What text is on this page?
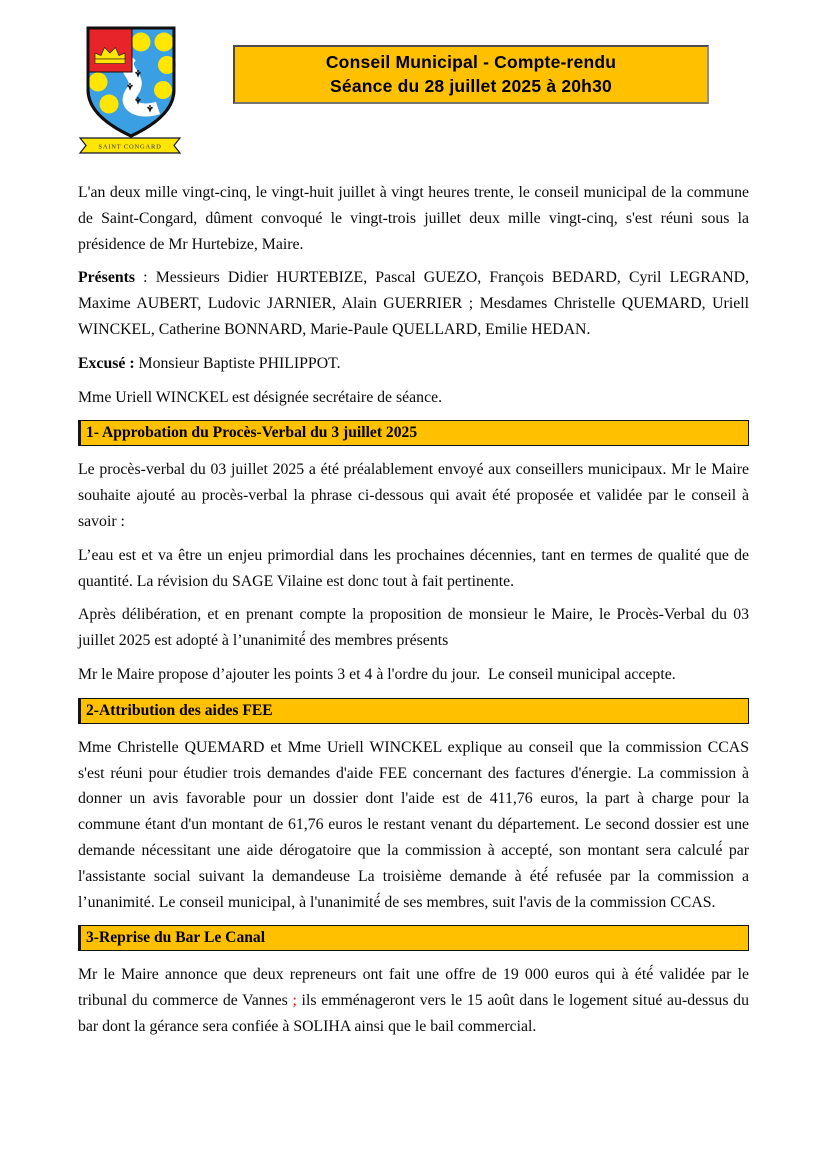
SAINT CONGARD
Conseil Municipal - Compte-rendu
Séance du 28 juillet 2025 à 20h30

L'an deux mille vingt-cinq, le vingt-huit juillet à vingt heures trente, le conseil municipal de la commune de Saint-Congard, dûment convoqué le vingt-trois juillet deux mille vingt-cinq, s'est réuni sous la présidence de Mr Hurtebize, Maire.

Présents : Messieurs Didier HURTEBIZE, Pascal GUEZO, François BEDARD, Cyril LEGRAND, Maxime AUBERT, Ludovic JARNIER, Alain GUERRIER ; Mesdames Christelle QUEMARD, Uriell WINCKEL, Catherine BONNARD, Marie-Paule QUELLARD, Emilie HEDAN.

Excusé : Monsieur Baptiste PHILIPPOT.

Mme Uriell WINCKEL est désignée secrétaire de séance.

1- Approbation du Procès-Verbal du 3 juillet 2025

Le procès-verbal du 03 juillet 2025 a été préalablement envoyé aux conseillers municipaux. Mr le Maire souhaite ajouté au procès-verbal la phrase ci-dessous qui avait été proposée et validée par le conseil à savoir :

L’eau est et va être un enjeu primordial dans les prochaines décennies, tant en termes de qualité que de quantité. La révision du SAGE Vilaine est donc tout à fait pertinente.

Après délibération, et en prenant compte la proposition de monsieur le Maire, le Procès-Verbal du 03 juillet 2025 est adopté à l’unanimité́ des membres présents

Mr le Maire propose d’ajouter les points 3 et 4 à l'ordre du jour.  Le conseil municipal accepte.

2-Attribution des aides FEE

Mme Christelle QUEMARD et Mme Uriell WINCKEL explique au conseil que la commission CCAS s'est réuni pour étudier trois demandes d'aide FEE concernant des factures d'énergie. La commission à donner un avis favorable pour un dossier dont l'aide est de 411,76 euros, la part à charge pour la commune étant d'un montant de 61,76 euros le restant venant du département. Le second dossier est une demande nécessitant une aide dérogatoire que la commission à accepté, son montant sera calculé́ par l'assistante social suivant la demandeuse La troisième demande à été́ refusée par la commission a l’unanimité. Le conseil municipal, à l'unanimité́ de ses membres, suit l'avis de la commission CCAS.

3-Reprise du Bar Le Canal

Mr le Maire annonce que deux repreneurs ont fait une offre de 19 000 euros qui à été́ validée par le tribunal du commerce de Vannes ; ils emménageront vers le 15 août dans le logement situé au-dessus du bar dont la gérance sera confiée à SOLIHA ainsi que le bail commercial.
